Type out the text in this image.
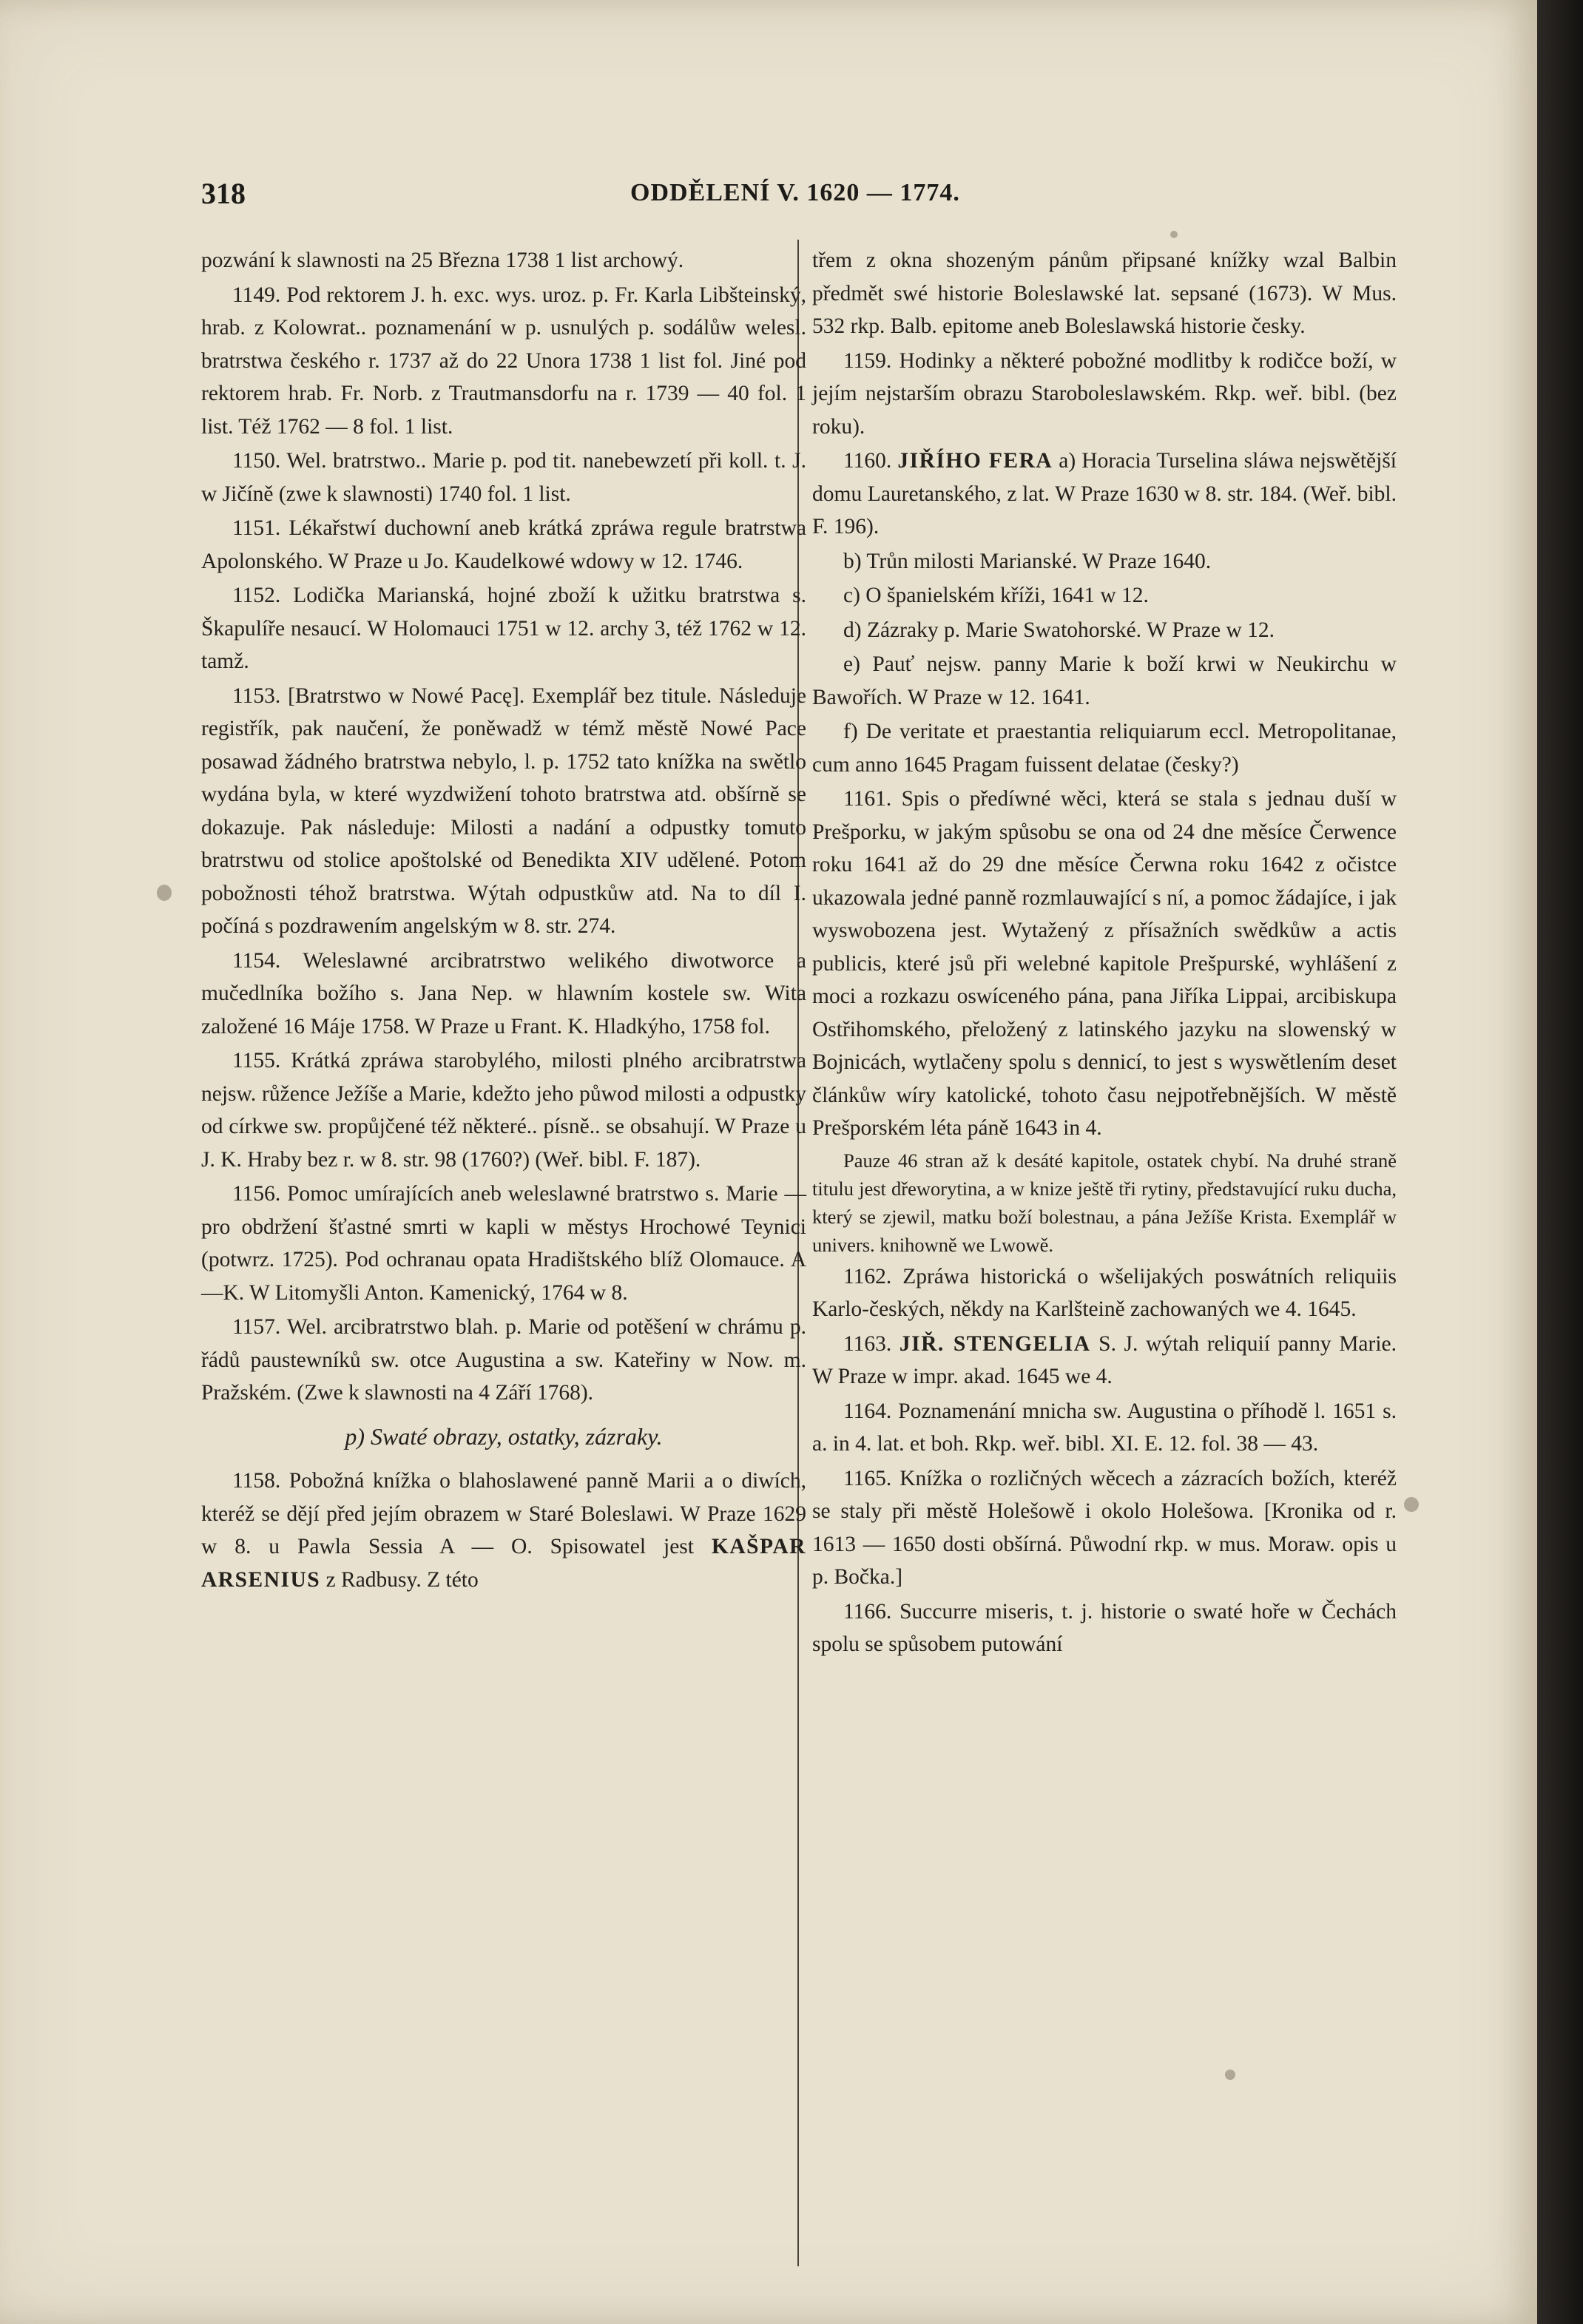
318	ODDĚLENÍ V. 1620 — 1774.

pozwání k slawnosti na 25 Března 1738 1 list archowý.

1149. Pod rektorem J. h. exc. wys. uroz. p. Fr. Karla Libšteinský, hrab. z Kolowrat.. poznamenání w p. usnulých p. sodálůw welesl. bratrstwa českého r. 1737 až do 22 Unora 1738 1 list fol. Jiné pod rektorem hrab. Fr. Norb. z Trautmansdorfu na r. 1739 — 40 fol. 1 list. Též 1762 — 8 fol. 1 list.

1150. Wel. bratrstwo.. Marie p. pod tit. nanebewzetí při koll. t. J. w Jičíně (zwe k slawnosti) 1740 fol. 1 list.

1151. Lékařstwí duchowní aneb krátká zpráwa regule bratrstwa Apolonského. W Praze u Jo. Kaudelkowé wdowy w 12. 1746.

1152. Lodička Marianská, hojné zboží k užitku bratrstwa s. Škapulíře nesaucí. W Holomauci 1751 w 12. archy 3, též 1762 w 12. tamž.

1153. [Bratrstwo w Nowé Pacę]. Exemplář bez titule. Následuje registřík, pak naučení, že poněwadž w témž městě Nowé Pace posawad žádného bratrstwa nebylo, l. p. 1752 tato knížka na swětlo wydána byla, w které wyzdwižení tohoto bratrstwa atd. obšírně se dokazuje. Pak následuje: Milosti a nadání a odpustky tomuto bratrstwu od stolice apoštolské od Benedikta XIV udělené. Potom pobožnosti téhož bratrstwa. Wýtah odpustkůw atd. Na to díl I. počíná s pozdrawením angelským w 8. str. 274.

1154. Weleslawné arcibratrstwo welikého diwotworce a mučedlníka božího s. Jana Nep. w hlawním kostele sw. Wita založené 16 Máje 1758. W Praze u Frant. K. Hladkýho, 1758 fol.

1155. Krátká zpráwa starobylého, milosti plného arcibratrstwa nejsw. růžence Ježíše a Marie, kdežto jeho půwod milosti a odpustky od církwe sw. propůjčené též některé.. písně.. se obsahují. W Praze u J. K. Hraby bez r. w 8. str. 98 (1760?) (Weř. bibl. F. 187).

1156. Pomoc umírajících aneb weleslawné bratrstwo s. Marie — pro obdržení šťastné smrti w kapli w městys Hrochowé Teynici (potwrz. 1725). Pod ochranau opata Hradištského blíž Olomauce. A—K. W Litomyšli Anton. Kamenický, 1764 w 8.

1157. Wel. arcibratrstwo blah. p. Marie od potěšení w chrámu p. řádů paustewníků sw. otce Augustina a sw. Kateřiny w Now. m. Pražském. (Zwe k slawnosti na 4 Září 1768).

p) Swaté obrazy, ostatky, zázraky.

1158. Pobožná knížka o blahoslawené panně Marii a o diwích, kteréž se dějí před jejím obrazem w Staré Boleslawi. W Praze 1629 w 8. u Pawla Sessia A — O. Spisowatel jest KAŠPAR ARSENIUS z Radbusy. Z této

třem z okna shozeným pánům připsané knížky wzal Balbin předmět swé historie Boleslawské lat. sepsané (1673). W Mus. 532 rkp. Balb. epitome aneb Boleslawská historie česky.

1159. Hodinky a některé pobožné modlitby k rodičce boží, w jejím nejstarším obrazu Staroboleslawském. Rkp. weř. bibl. (bez roku).

1160. JIŘÍHO FERA a) Horacia Turselina sláwa nejswětější domu Lauretanského, z lat. W Praze 1630 w 8. str. 184. (Weř. bibl. F. 196).

b) Trůn milosti Marianské. W Praze 1640.

c) O španielském kříži, 1641 w 12.

d) Zázraky p. Marie Swatohorské. W Praze w 12.

e) Pauť nejsw. panny Marie k boží krwi w Neukirchu w Bawořích. W Praze w 12. 1641.

f) De veritate et praestantia reliquiarum eccl. Metropolitanae, cum anno 1645 Pragam fuissent delatae (česky?)

1161. Spis o předíwné wěci, která se stala s jednau duší w Prešporku, w jakým spůsobu se ona od 24 dne měsíce Čerwence roku 1641 až do 29 dne měsíce Čerwna roku 1642 z očistce ukazowala jedné panně rozmlauwající s ní, a pomoc žádajíce, i jak wyswobozena jest. Wytažený z přísažních swědkůw a actis publicis, které jsů při welebné kapitole Prešpurské, wyhlášení z moci a rozkazu oswíceného pána, pana Jiříka Lippai, arcibiskupa Ostřihomského, přeložený z latinského jazyku na slowenský w Bojnicách, wytlačeny spolu s dennicí, to jest s wyswětlením deset článkůw wíry katolické, tohoto času nejpotřebnějších. W městě Prešporském léta páně 1643 in 4.

Pauze 46 stran až k desáté kapitole, ostatek chybí. Na druhé straně titulu jest dřeworytina, a w knize ještě tři rytiny, představující ruku ducha, který se zjewil, matku boží bolestnau, a pána Ježíše Krista. Exemplář w univers. knihowně we Lwowě.

1162. Zpráwa historická o wšelijakých poswátních reliquiis Karlo-českých, někdy na Karlšteině zachowaných we 4. 1645.

1163. JIŘ. STENGELIA S. J. wýtah reliquií panny Marie. W Praze w impr. akad. 1645 we 4.

1164. Poznamenání mnicha sw. Augustina o příhodě l. 1651 s. a. in 4. lat. et boh. Rkp. weř. bibl. XI. E. 12. fol. 38 — 43.

1165. Knížka o rozličných wěcech a zázracích božích, kteréž se staly při městě Holešowě i okolo Holešowa. [Kronika od r. 1613 — 1650 dosti obšírná. Půwodní rkp. w mus. Moraw. opis u p. Bočka.]

1166. Succurre miseris, t. j. historie o swaté hoře w Čechách spolu se spůsobem putowání
